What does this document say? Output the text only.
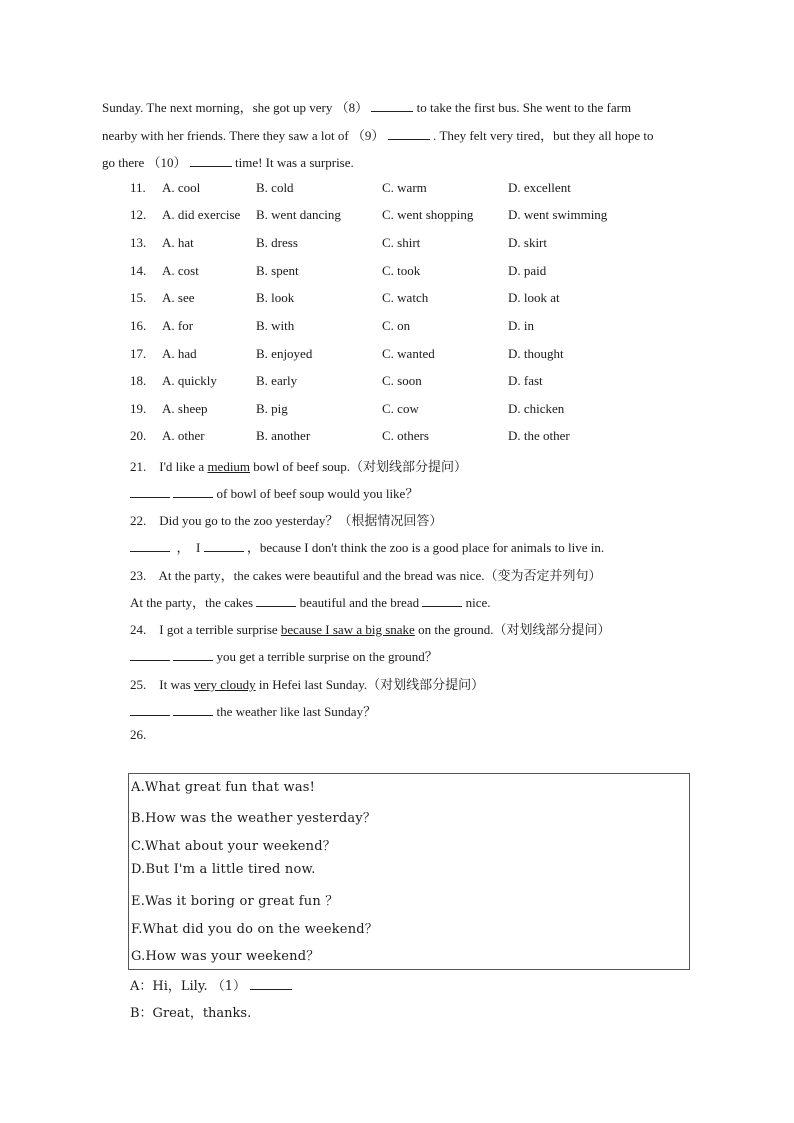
Sunday. The next morning，she got up very （8）	to take the first bus. She went to the farm
nearby with her friends. There they saw a lot of （9）	. They felt very tired，but they all hope to
go there （10）	time! It was a surprise.
11. A. cool	B. cold	C. warm	D. excellent
12. A. did exercise B. went dancing	C. went shopping	D. went swimming
13. A. hat	B. dress	C. shirt	D. skirt
14. A. cost	B. spent	C. took	D. paid
15. A. see	B. look	C. watch	D. look at
16. A. for	B. with	C. on	D. in
17. A. had	B. enjoyed	C. wanted	D. thought
18. A. quickly	B. early	C. soon	D. fast
19. A. sheep	B. pig	C. cow	D. chicken
20. A. other	B. another	C. others	D. the other
21. I'd like a medium bowl of beef soup.（对划线部分提问）
of bowl of beef soup would you like？
22. Did you go to the zoo yesterday？（根据情况回答）
， I	，because I don't think the zoo is a good place for animals to live in.
23. At the party，the cakes were beautiful and the bread was nice.（变为否定并列句）
At the party，the cakes	beautiful and the bread	nice.
24. I got a terrible surprise because I saw a big snake on the ground.（对划线部分提问）
you get a terrible surprise on the ground？
25. It was very cloudy in Hefei last Sunday.（对划线部分提问）
the weather like last Sunday？
26.
A.What great fun that was!
B.How was the weather yesterday？
C.What about your weekend？
D.But I'm a little tired now.
E.Was it boring or great fun ？
F.What did you do on the weekend？
G.How was your weekend？
A：Hi，Lily. （1）
B：Great，thanks.
